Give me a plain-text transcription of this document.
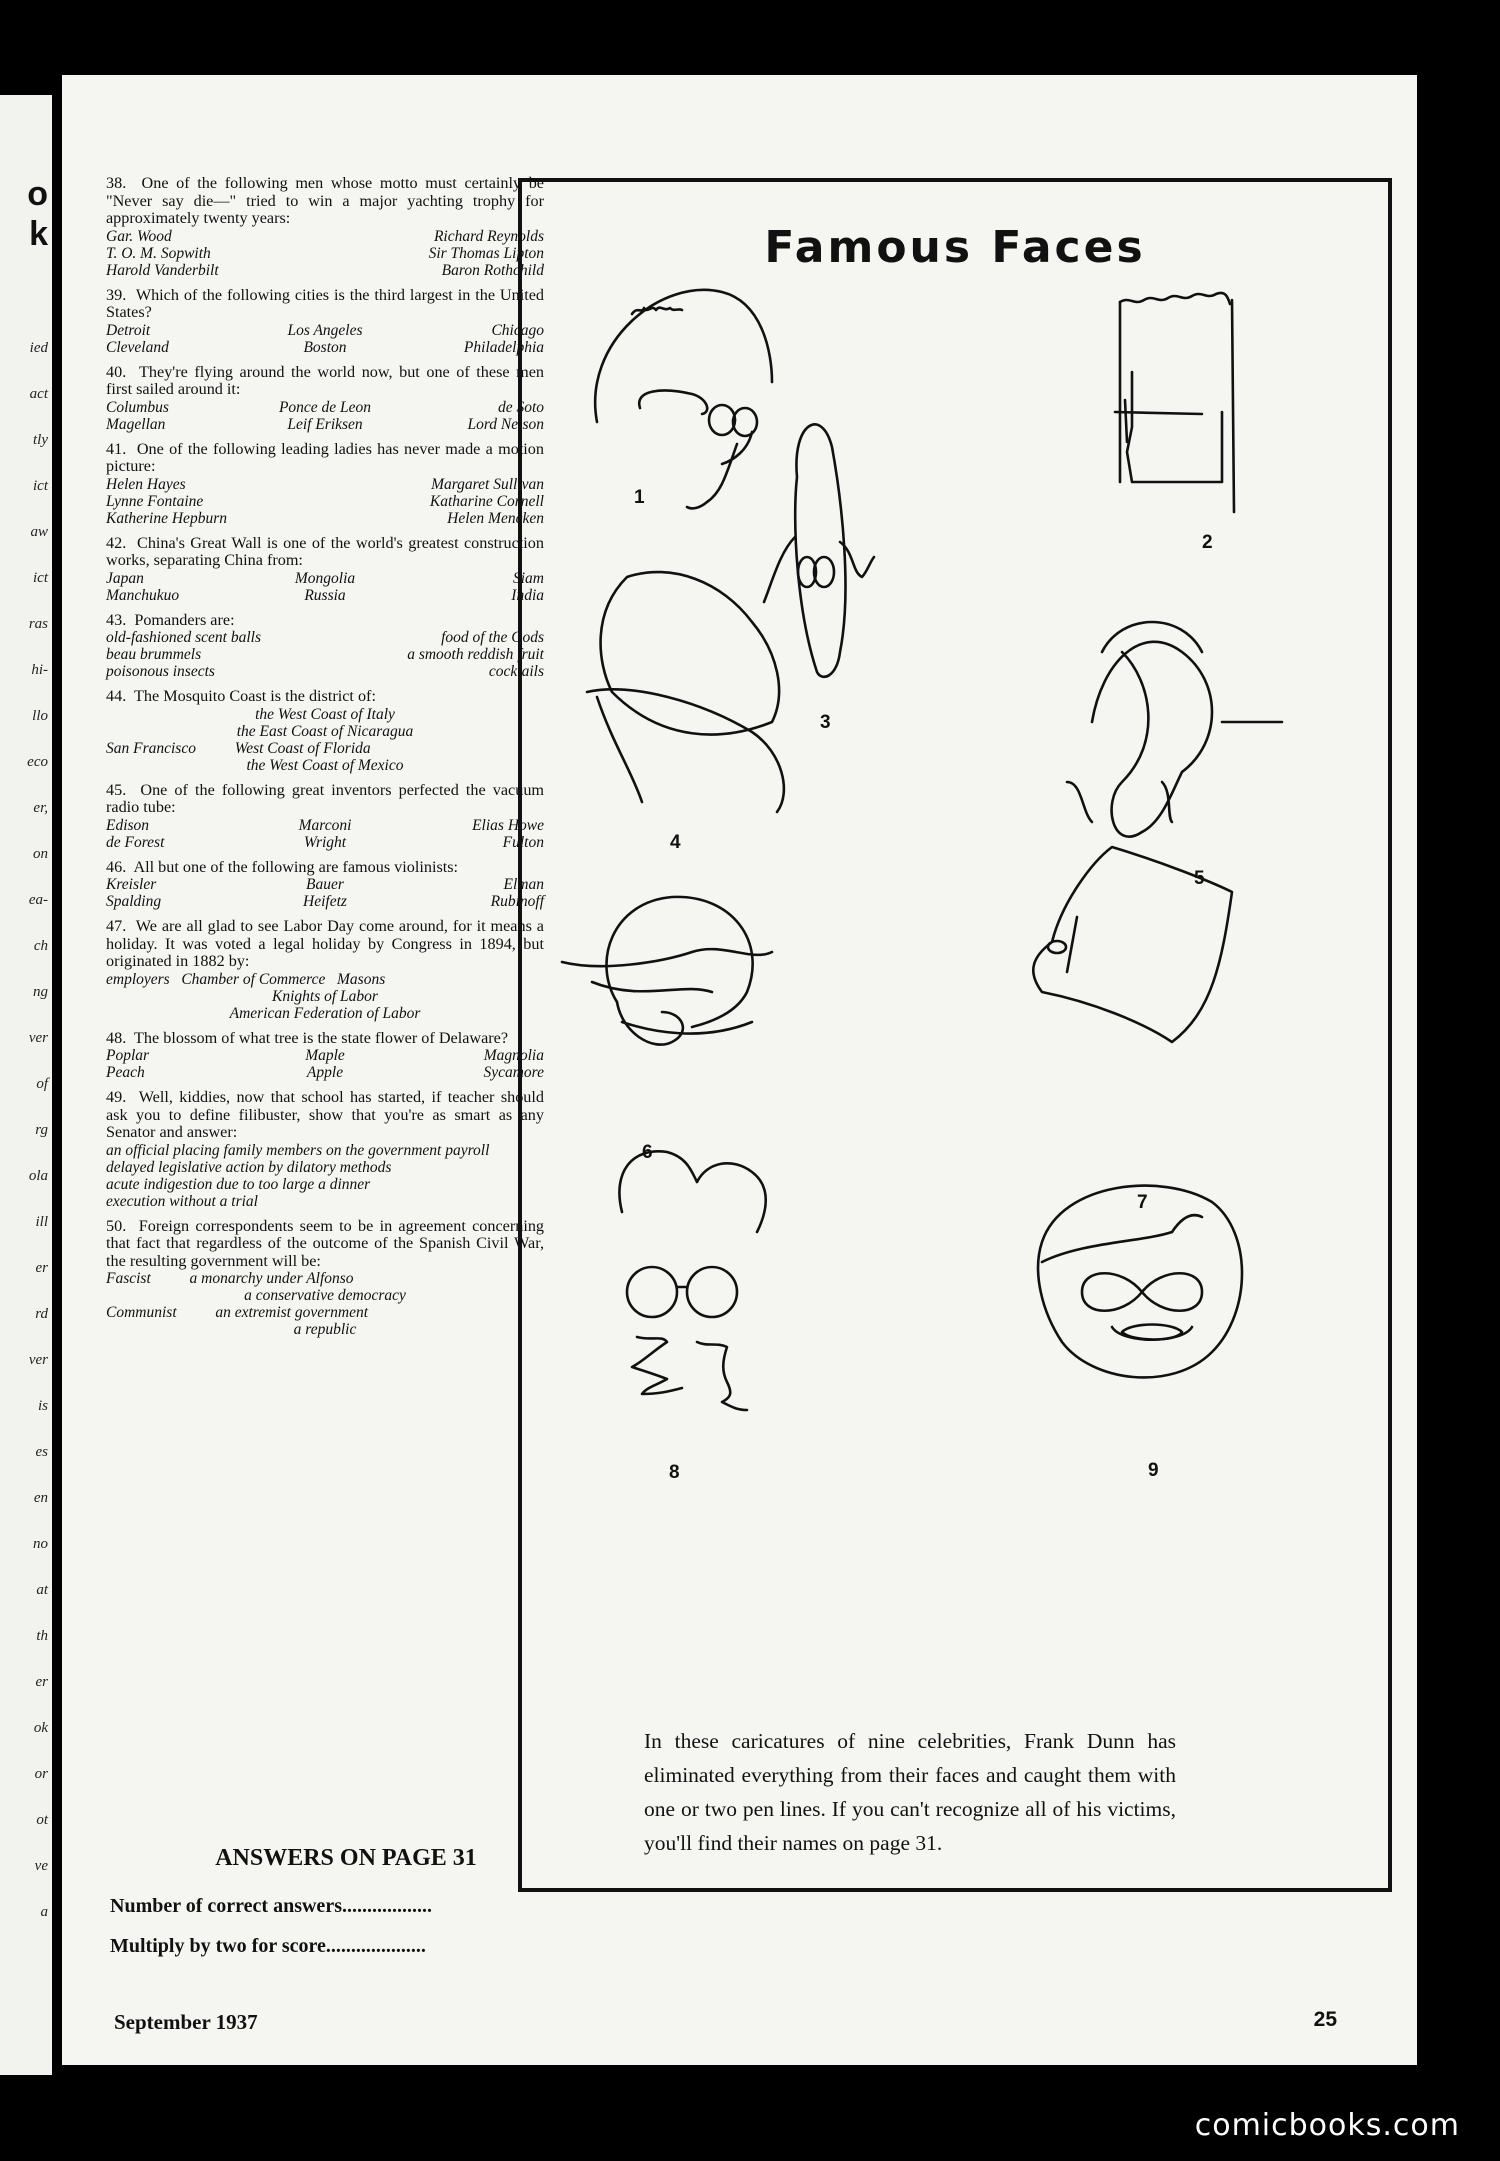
o
k
ied
act
tly
ict
aw
ict
ras
hi-
llo
eco
er,
on
ea-
ch
ng
ver
of
rg
ola
ill
er
rd
ver
is
es
en
no
at
th
er
ok
or
ot
ve
a
38. One of the following men whose motto must certainly be "Never say die—" tried to win a major yachting trophy for approximately twenty years:
Gar. Wood	Richard Reynolds
T. O. M. Sopwith	Sir Thomas Lipton
Harold Vanderbilt	Baron Rothchild
39. Which of the following cities is the third largest in the United States?
Detroit	Los Angeles	Chicago
Cleveland	Boston	Philadelphia
40. They're flying around the world now, but one of these men first sailed around it:
Columbus	Ponce de Leon	de Soto
Magellan	Leif Eriksen	Lord Nelson
41. One of the following leading ladies has never made a motion picture:
Helen Hayes	Margaret Sullivan
Lynne Fontaine	Katharine Cornell
Katherine Hepburn	Helen Mencken
42. China's Great Wall is one of the world's greatest construction works, separating China from:
Japan	Mongolia	Siam
Manchukuo	Russia	India
43. Pomanders are:
old-fashioned scent balls	food of the Gods
beau brummels	a smooth reddish fruit
poisonous insects	cocktails
44. The Mosquito Coast is the district of:
the West Coast of Italy
the East Coast of Nicaragua
San Francisco          West Coast of Florida
the West Coast of Mexico
45. One of the following great inventors perfected the vacuum radio tube:
Edison	Marconi	Elias Howe
de Forest	Wright	Fulton
46. All but one of the following are famous violinists:
Kreisler	Bauer	Elman
Spalding	Heifetz	Rubinoff
47. We are all glad to see Labor Day come around, for it means a holiday. It was voted a legal holiday by Congress in 1894, but originated in 1882 by:
employers   Chamber of Commerce   Masons
Knights of Labor
American Federation of Labor
48. The blossom of what tree is the state flower of Delaware?
Poplar	Maple	Magnolia
Peach	Apple	Sycamore
49. Well, kiddies, now that school has started, if teacher should ask you to define filibuster, show that you're as smart as any Senator and answer:
an official placing family members on the government payroll
delayed legislative action by dilatory methods
acute indigestion due to too large a dinner
execution without a trial
50. Foreign correspondents seem to be in agreement concerning that fact that regardless of the outcome of the Spanish Civil War, the resulting government will be:
Fascist          a monarchy under Alfonso
a conservative democracy
Communist          an extremist government
a republic
ANSWERS ON PAGE 31
Number of correct answers..................
Multiply by two for score....................
September 1937	25
Famous Faces
1
2
3
4
5
6
7
8	9
In these caricatures of nine celebrities, Frank Dunn has eliminated everything from their faces and caught them with one or two pen lines. If you can't recognize all of his victims, you'll find their names on page 31.
comicbooks.com
